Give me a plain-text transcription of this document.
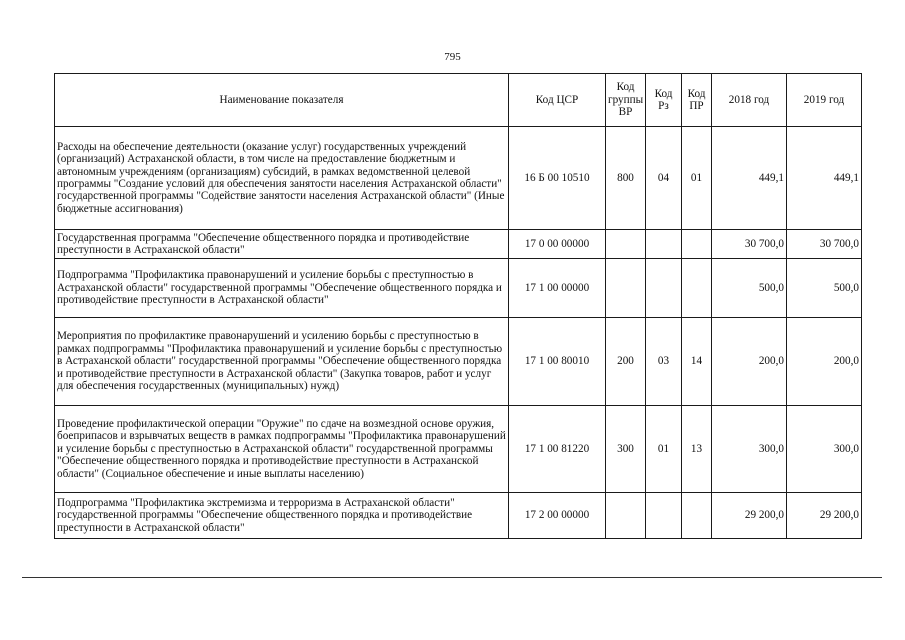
795
Наименование показателя	Код ЦСР	Код группы ВР	Код Рз	Код ПР	2018 год	2019 год
Расходы на обеспечение деятельности (оказание услуг) государственных учреждений (организаций) Астраханской области, в том числе на предоставление бюджетным и автономным учреждениям (организациям) субсидий, в рамках ведомственной целевой программы "Создание условий для обеспечения занятости населения Астраханской области" государственной программы "Содействие занятости населения Астраханской области" (Иные бюджетные ассигнования)	16 Б 00 10510	800	04	01	449,1	449,1
Государственная программа "Обеспечение общественного порядка и противодействие преступности в Астраханской области"	17 0 00 00000				30 700,0	30 700,0
Подпрограмма "Профилактика правонарушений и усиление борьбы с преступностью в Астраханской области" государственной программы "Обеспечение общественного порядка и противодействие преступности в Астраханской области"	17 1 00 00000				500,0	500,0
Мероприятия по профилактике правонарушений и усилению борьбы с преступностью в рамках подпрограммы "Профилактика правонарушений и усиление борьбы с преступностью в Астраханской области" государственной программы "Обеспечение общественного порядка и противодействие преступности в Астраханской области" (Закупка товаров, работ и услуг для обеспечения государственных (муниципальных) нужд)	17 1 00 80010	200	03	14	200,0	200,0
Проведение профилактической операции "Оружие" по сдаче на возмездной основе оружия, боеприпасов и взрывчатых веществ в рамках подпрограммы "Профилактика правонарушений и усиление борьбы с преступностью в Астраханской области" государственной программы "Обеспечение общественного порядка и противодействие преступности в Астраханской области" (Социальное обеспечение и иные выплаты населению)	17 1 00 81220	300	01	13	300,0	300,0
Подпрограмма "Профилактика экстремизма и терроризма в Астраханской области" государственной программы "Обеспечение общественного порядка и противодействие преступности в Астраханской области"	17 2 00 00000				29 200,0	29 200,0
